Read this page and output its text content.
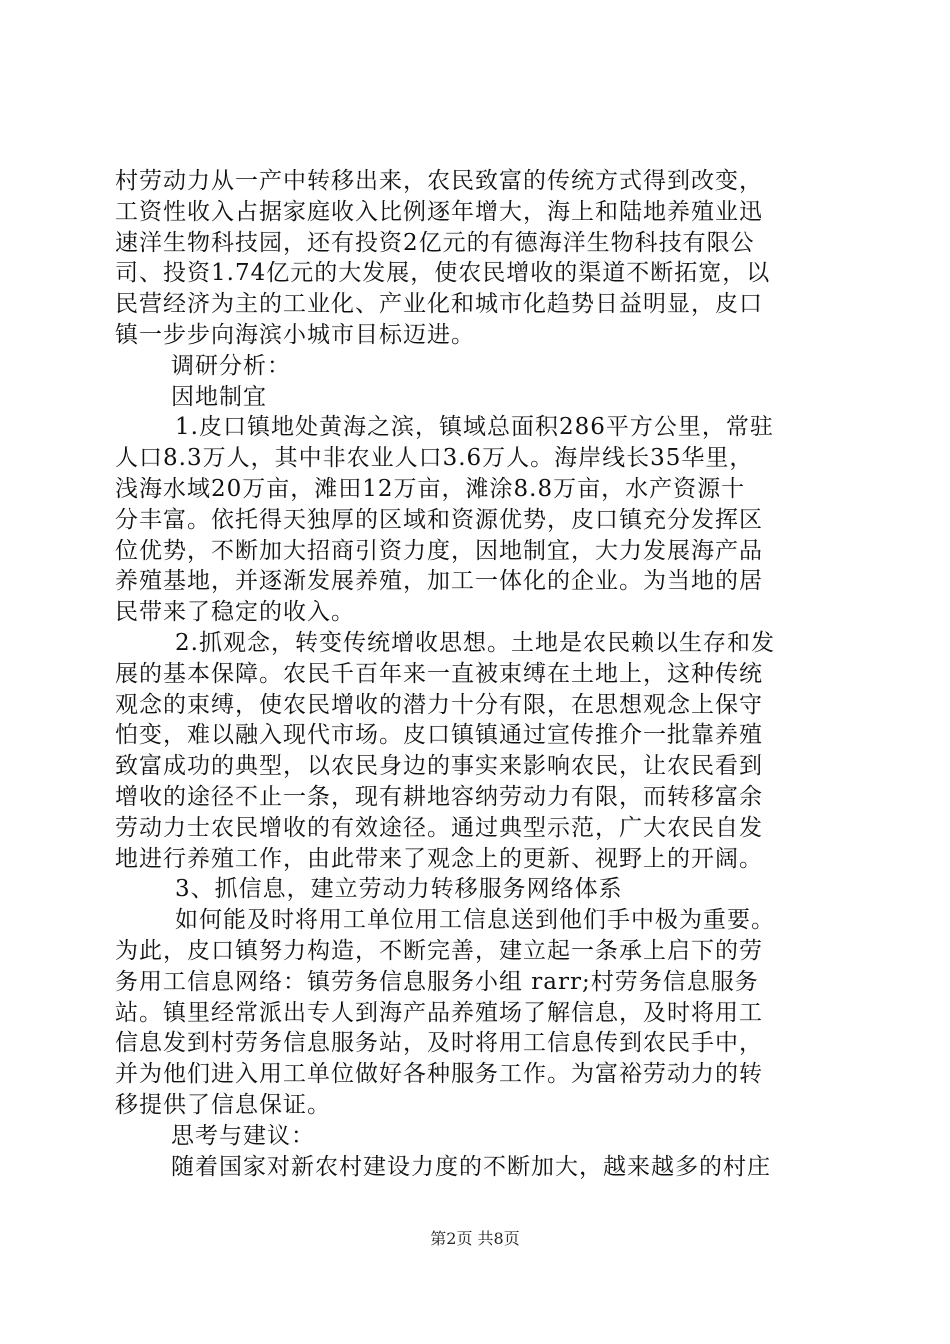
村劳动力从一产中转移出来，农民致富的传统方式得到改变，
工资性收入占据家庭收入比例逐年增大，海上和陆地养殖业迅
速洋生物科技园，还有投资2亿元的有德海洋生物科技有限公
司、投资1.74亿元的大发展，使农民增收的渠道不断拓宽，以
民营经济为主的工业化、产业化和城市化趋势日益明显，皮口
镇一步步向海滨小城市目标迈进。
调研分析：
因地制宜
1.皮口镇地处黄海之滨，镇域总面积286平方公里，常驻
人口8.3万人，其中非农业人口3.6万人。海岸线长35华里，
浅海水域20万亩，滩田12万亩，滩涂8.8万亩，水产资源十
分丰富。依托得天独厚的区域和资源优势，皮口镇充分发挥区
位优势，不断加大招商引资力度，因地制宜，大力发展海产品
养殖基地，并逐渐发展养殖，加工一体化的企业。为当地的居
民带来了稳定的收入。
2.抓观念，转变传统增收思想。土地是农民赖以生存和发
展的基本保障。农民千百年来一直被束缚在土地上，这种传统
观念的束缚，使农民增收的潜力十分有限，在思想观念上保守
怕变，难以融入现代市场。皮口镇镇通过宣传推介一批靠养殖
致富成功的典型，以农民身边的事实来影响农民，让农民看到
增收的途径不止一条，现有耕地容纳劳动力有限，而转移富余
劳动力士农民增收的有效途径。通过典型示范，广大农民自发
地进行养殖工作，由此带来了观念上的更新、视野上的开阔。
3、抓信息，建立劳动力转移服务网络体系
如何能及时将用工单位用工信息送到他们手中极为重要。
为此，皮口镇努力构造，不断完善，建立起一条承上启下的劳
务用工信息网络：镇劳务信息服务小组 rarr;村劳务信息服务
站。镇里经常派出专人到海产品养殖场了解信息，及时将用工
信息发到村劳务信息服务站，及时将用工信息传到农民手中，
并为他们进入用工单位做好各种服务工作。为富裕劳动力的转
移提供了信息保证。
思考与建议：
随着国家对新农村建设力度的不断加大，越来越多的村庄
第2页 共8页
